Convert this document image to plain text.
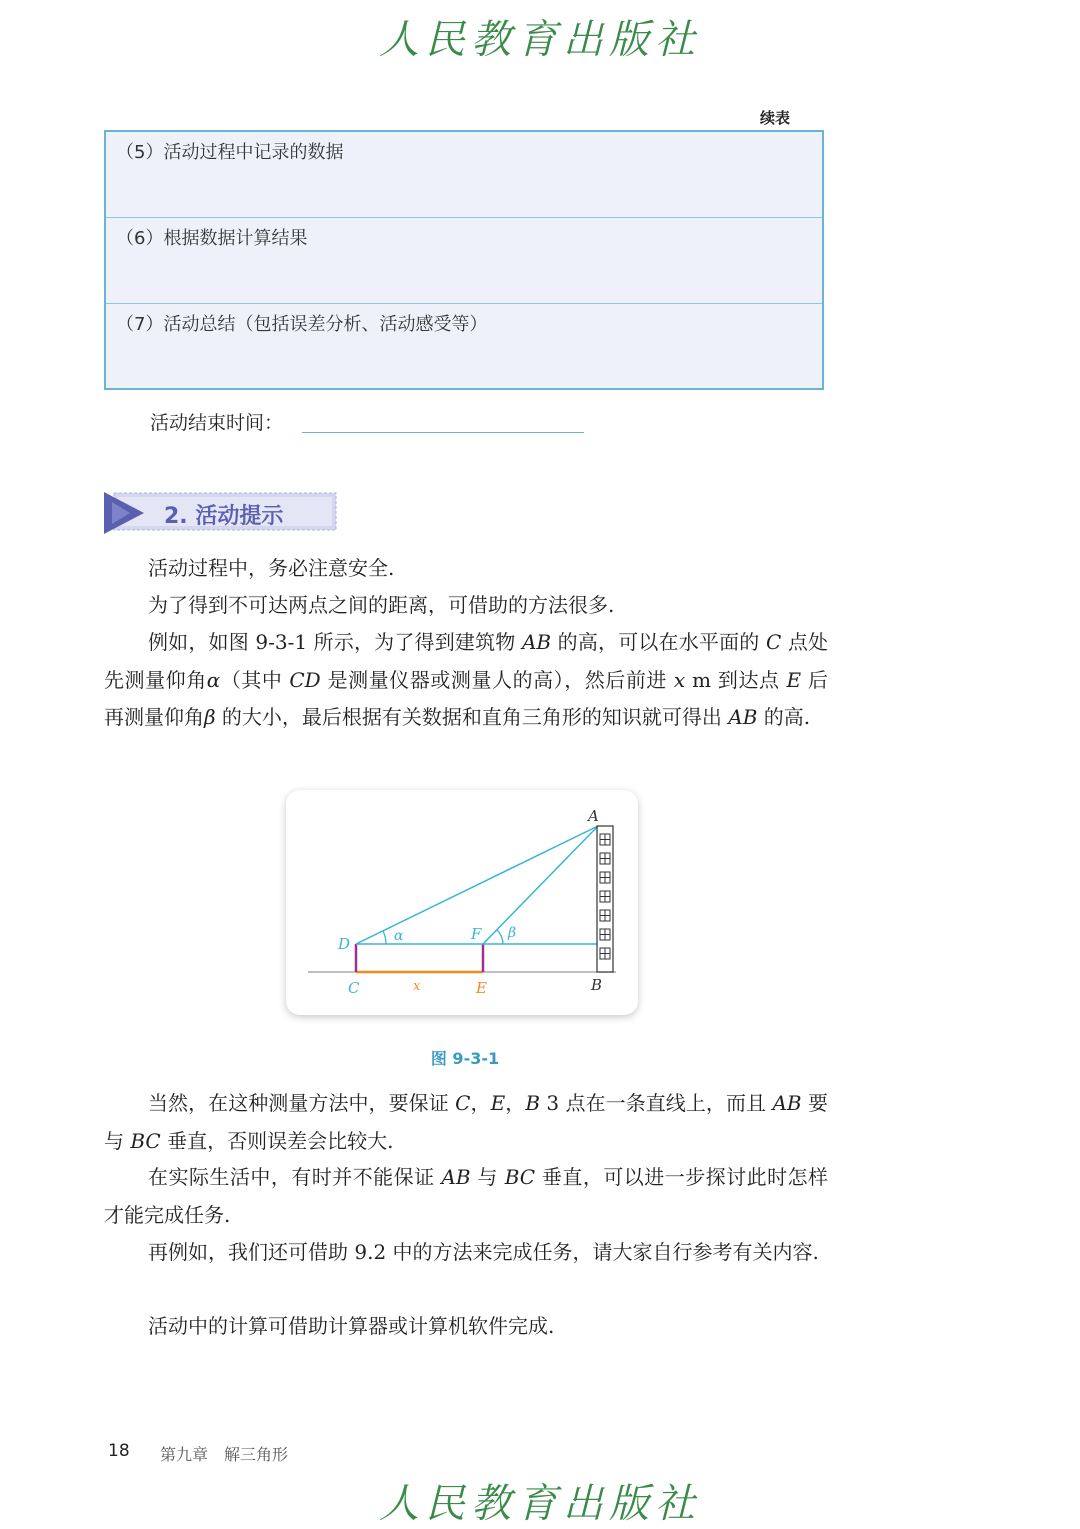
人民教育出版社
续表
（5）活动过程中记录的数据
（6）根据数据计算结果
（7）活动总结（包括误差分析、活动感受等）
活动结束时间：
2. 活动提示
活动过程中，务必注意安全.
为了得到不可达两点之间的距离，可借助的方法很多.
例如，如图 9-3-1 所示，为了得到建筑物 AB 的高，可以在水平面的 C 点处先测量仰角α（其中 CD 是测量仪器或测量人的高），然后前进 x m 到达点 E 后再测量仰角β 的大小，最后根据有关数据和直角三角形的知识就可得出 AB 的高.
A
B
C
D
E
F
x
α	β
图 9-3-1
当然，在这种测量方法中，要保证 C，E，B 3 点在一条直线上，而且 AB 要与 BC 垂直，否则误差会比较大.
在实际生活中，有时并不能保证 AB 与 BC 垂直，可以进一步探讨此时怎样才能完成任务.
再例如，我们还可借助 9.2 中的方法来完成任务，请大家自行参考有关内容.
活动中的计算可借助计算器或计算机软件完成.
18 第九章　解三角形
人民教育出版社
